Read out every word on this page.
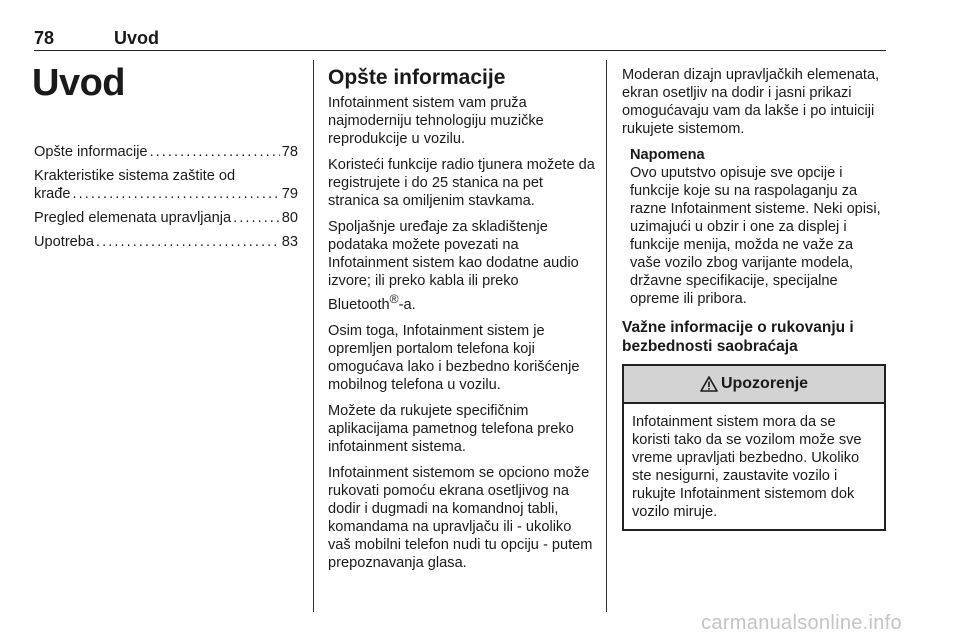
78	Uvod
Uvod
Opšte informacije . . .	78
Krakteristike sistema zaštite od
krađe . . .	79
Pregled elemenata upravljanja . . .	80
Upotreba . . .	83
Opšte informacije

Infotainment sistem vam pruža najmoderniju tehnologiju muzičke reprodukcije u vozilu.

Koristeći funkcije radio tjunera možete da registrujete i do 25 stanica na pet stranica sa omiljenim stavkama.

Spoljašnje uređaje za skladištenje podataka možete povezati na Infotainment sistem kao dodatne audio izvore; ili preko kabla ili preko Bluetooth®-a.

Osim toga, Infotainment sistem je opremljen portalom telefona koji omogućava lako i bezbedno korišćenje mobilnog telefona u vozilu.

Možete da rukujete specifičnim aplikacijama pametnog telefona preko infotainment sistema.

Infotainment sistemom se opciono može rukovati pomoću ekrana osetljivog na dodir i dugmadi na komandnoj tabli, komandama na upravljaču ili - ukoliko vaš mobilni telefon nudi tu opciju - putem prepoznavanja glasa.

Moderan dizajn upravljačkih elemenata, ekran osetljiv na dodir i jasni prikazi omogućavaju vam da lakše i po intuiciji rukujete sistemom.

Napomena
Ovo uputstvo opisuje sve opcije i funkcije koje su na raspolaganju za razne Infotainment sisteme. Neki opisi, uzimajući u obzir i one za displej i funkcije menija, možda ne važe za vaše vozilo zbog varijante modela, državne specifikacije, specijalne opreme ili pribora.
Važne informacije o rukovanju i bezbednosti saobraćaja
Upozorenje
Infotainment sistem mora da se koristi tako da se vozilom može sve vreme upravljati bezbedno. Ukoliko ste nesigurni, zaustavite vozilo i rukujte Infotainment sistemom dok vozilo miruje.
carmanualsonline.info
